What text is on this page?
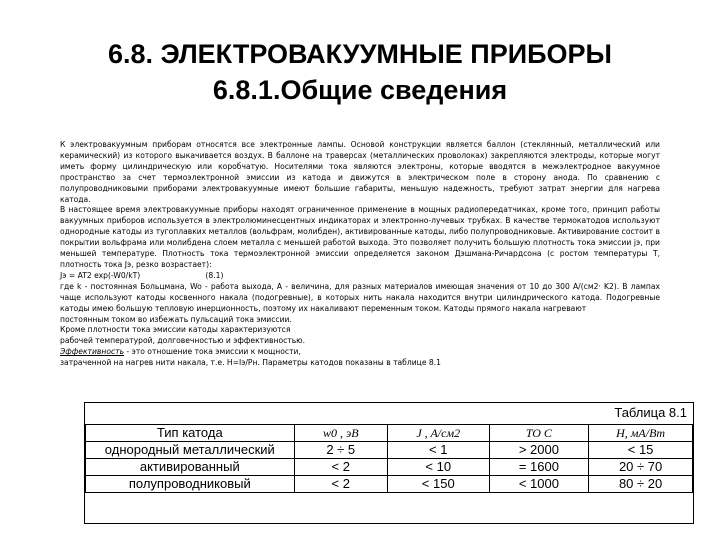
6.8. ЭЛЕКТРОВАКУУМНЫЕ ПРИБОРЫ
6.8.1.Общие сведения

К электровакуумным приборам относятся все электронные лампы. Основой конструкции является баллон (стеклянный, металлический или керамический) из которого выкачивается воздух. В баллоне на траверсах (металлических проволоках) закрепляются электроды, которые могут иметь форму цилиндрическую или коробчатую. Носителями тока являются электроны, которые вводятся в межэлектродное вакуумное пространство за счет термоэлектронной эмиссии из катода и движутся в электрическом поле в сторону анода. По сравнению с полупроводниковыми приборами электровакуумные имеют большие габариты, меньшую надежность, требуют затрат энергии для нагрева катода.

В настоящее время электровакуумные приборы находят ограниченное применение в мощных радиопередатчиках, кроме того, принцип работы вакуумных приборов используется в электролюминесцентных индикаторах и электронно-лучевых трубках. В качестве термокатодов используют однородные катоды из тугоплавких металлов (вольфрам, молибден), активированные катоды, либо полупроводниковые. Активирование состоит в покрытии вольфрама или молибдена слоем металла с меньшей работой выхода. Это позволяет получить большую плотность тока эмиссии jэ, при меньшей температуре. Плотность тока термоэлектронной эмиссии определяется законом Дэшмана-Ричардсона (с ростом температуры Т, плотность тока Jэ, резко возрастает):

Jэ = AT2 exp(-W0/kT)                           (8.1)

где k - постоянная Больцмана, Wo - работа выхода, A - величина, для разных материалов имеющая значения от 10 до 300 A/(см2· K2). В лампах чаще используют катоды косвенного накала (подогревные), в которых нить накала находится внутри цилиндрического катода. Подогревные катоды имею большую тепловую инерционность, поэтому их накаливают переменным током. Катоды прямого накала нагревают

постоянным током во избежать пульсаций тока эмиссии.

Кроме плотности тока эмиссии катоды характеризуются

рабочей температурой, долговечностью и эффективностью.

Эффективность - это отношение тока эмиссии к мощности,

затраченной на нагрев нити накала, т.е. H=Iэ/Pн. Параметры катодов показаны в таблице 8.1

Таблица 8.1
Тип катода	w0 , эВ	J , A/см2	TO C	H, мA/Bm
однородный металлический	2 ÷ 5	< 1	> 2000	< 15
активированный	< 2	< 10	= 1600	20 ÷ 70
полупроводниковый	< 2	< 150	< 1000	80 ÷ 20
